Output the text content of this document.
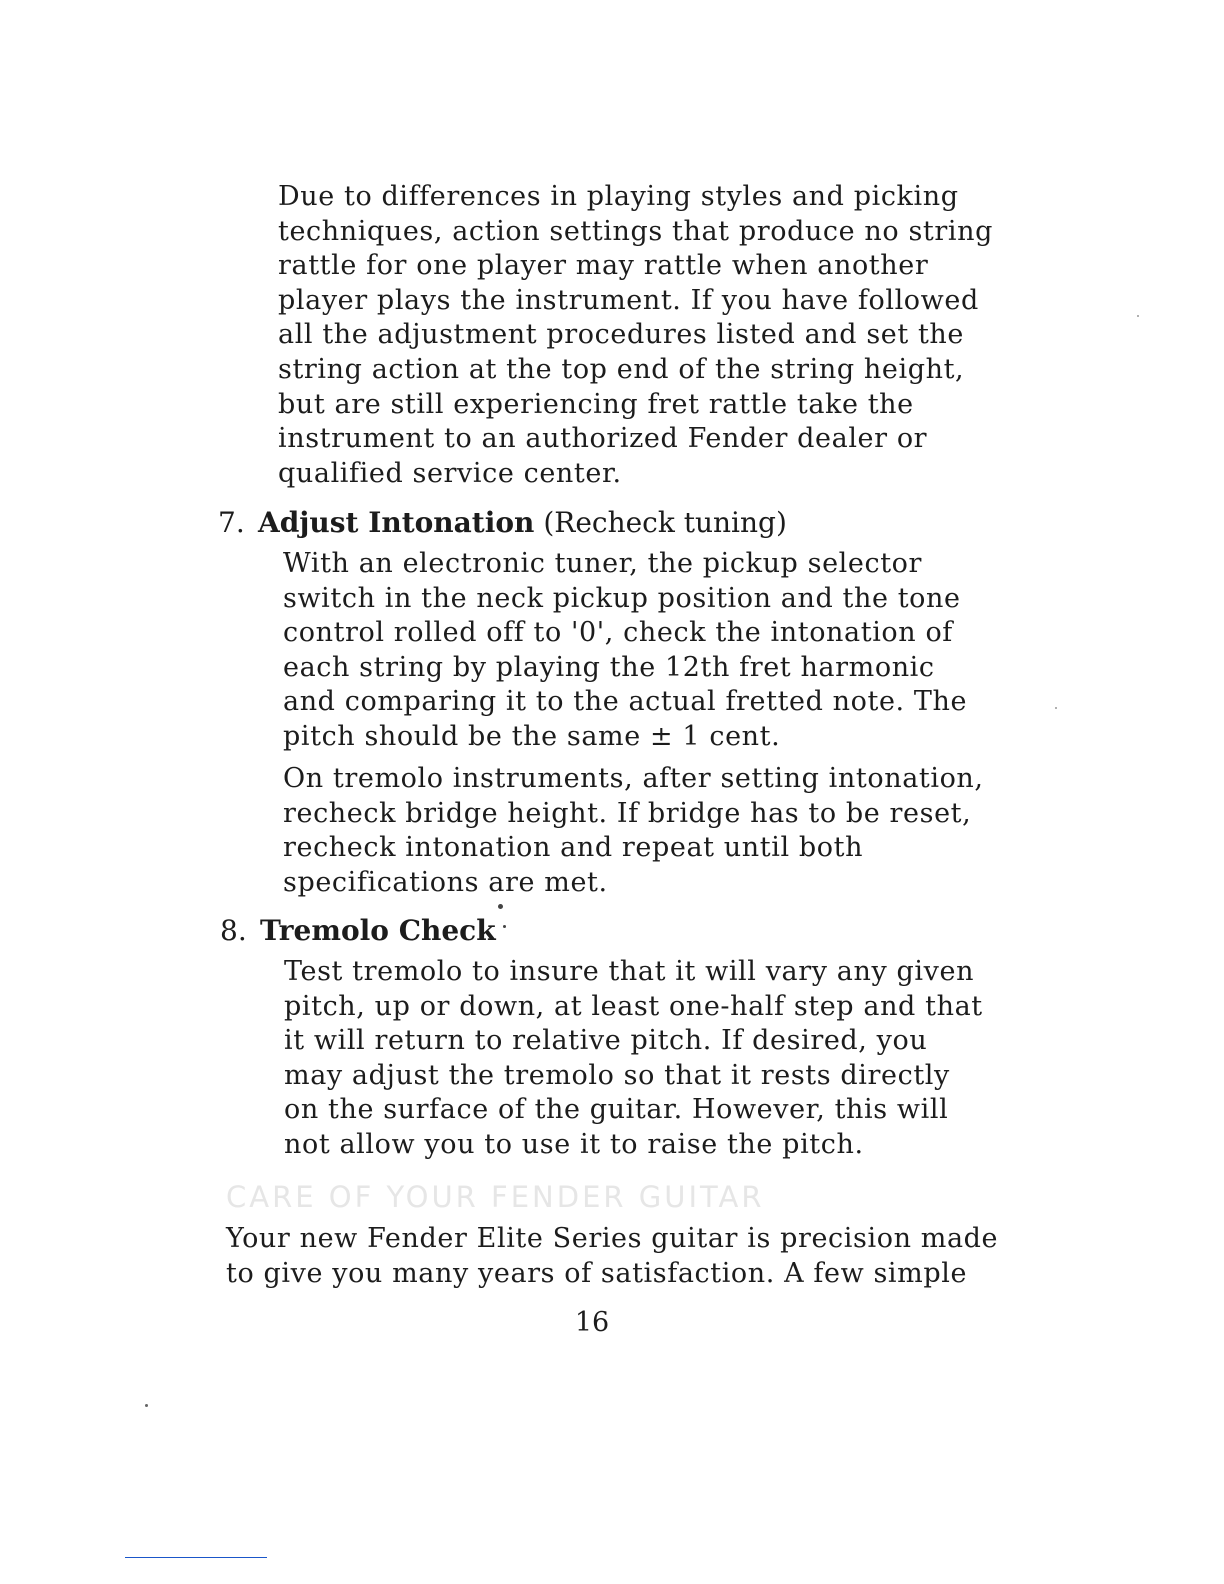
Due to differences in playing styles and picking
techniques, action settings that produce no string
rattle for one player may rattle when another
player plays the instrument. If you have followed
all the adjustment procedures listed and set the
string action at the top end of the string height,
but are still experiencing fret rattle take the
instrument to an authorized Fender dealer or
qualified service center.
7. Adjust Intonation (Recheck tuning)
With an electronic tuner, the pickup selector
switch in the neck pickup position and the tone
control rolled off to '0', check the intonation of
each string by playing the 12th fret harmonic
and comparing it to the actual fretted note. The
pitch should be the same ± 1 cent.
On tremolo instruments, after setting intonation,
recheck bridge height. If bridge has to be reset,
recheck intonation and repeat until both
specifications are met.
8. Tremolo Check
Test tremolo to insure that it will vary any given
pitch, up or down, at least one-half step and that
it will return to relative pitch. If desired, you
may adjust the tremolo so that it rests directly
on the surface of the guitar. However, this will
not allow you to use it to raise the pitch.
CARE OF YOUR FENDER GUITAR
Your new Fender Elite Series guitar is precision made
to give you many years of satisfaction. A few simple
16
